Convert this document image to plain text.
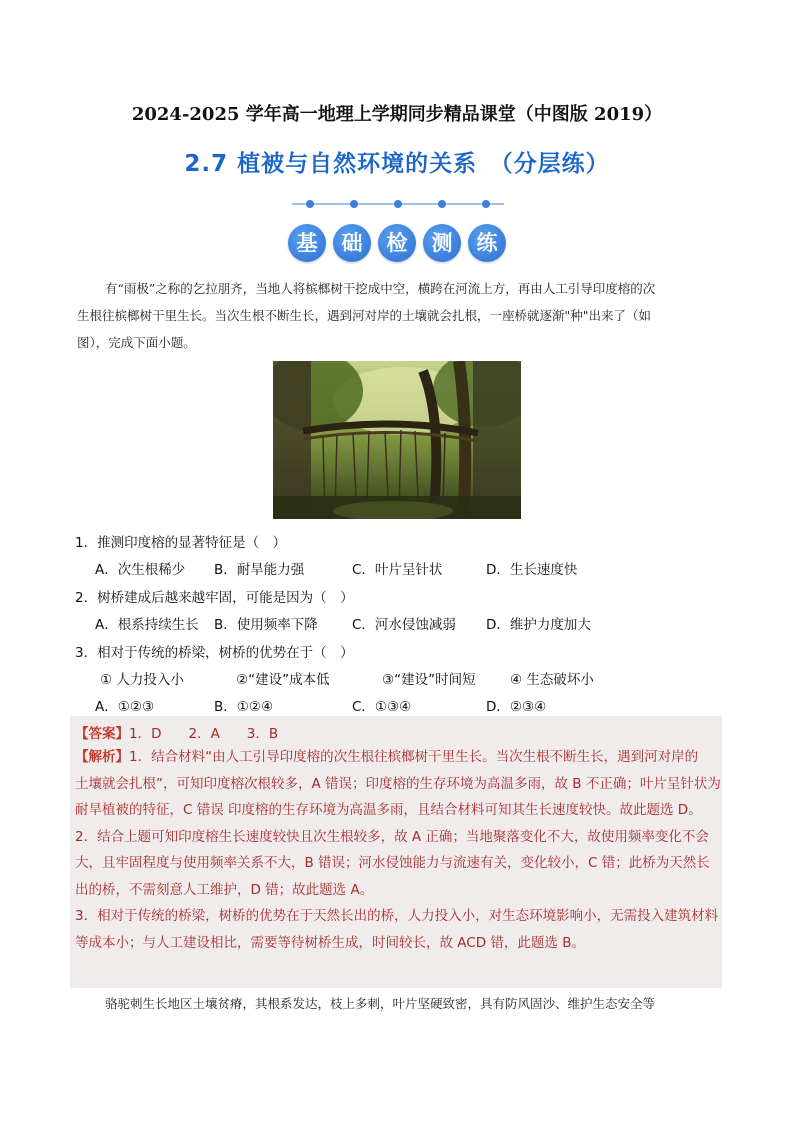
2024-2025 学年高一地理上学期同步精品课堂（中图版 2019）
2.7 植被与自然环境的关系　（分层练）
基	础	检	测	练
有“雨极”之称的乞拉朋齐，当地人将槟榔树干挖成中空，横跨在河流上方，再由人工引导印度榕的次
生根往槟榔树干里生长。当次生根不断生长，遇到河对岸的土壤就会扎根，一座桥就逐渐"种"出来了（如
图），完成下面小题。
1．推测印度榕的显著特征是（　）
A．次生根稀少 B．耐旱能力强	C．叶片呈针状	D．生长速度快
2．树桥建成后越来越牢固，可能是因为（　）
A．根系持续生长 B．使用频率下降	C．河水侵蚀减弱 D．维护力度加大
3．相对于传统的桥梁，树桥的优势在于（　）
① 人力投入小	②“建设”成本低	③“建设”时间短	④ 生态破坏小
A．①②③	B．①②④	C．①③④	D．②③④
【答案】1．D　　2．A　　3．B

【解析】1．结合材料“由人工引导印度榕的次生根往槟榔树干里生长。当次生根不断生长，遇到河对岸的

土壤就会扎根”，可知印度榕次根较多，A 错误；印度榕的生存环境为高温多雨，故 B 不正确；叶片呈针状为耐旱植被的特征，C 错误 印度榕的生存环境为高温多雨，且结合材料可知其生长速度较快。故此题选 D。

2．结合上题可知印度榕生长速度较快且次生根较多，故 A 正确；当地聚落变化不大，故使用频率变化不会大，且牢固程度与使用频率关系不大，B 错误；河水侵蚀能力与流速有关，变化较小，C 错；此桥为天然长出的桥，不需刻意人工维护，D 错；故此题选 A。

3．相对于传统的桥梁，树桥的优势在于天然长出的桥，人力投入小，对生态环境影响小，无需投入建筑材料等成本小；与人工建设相比，需要等待树桥生成，时间较长，故 ACD 错，此题选 B。

骆驼刺生长地区土壤贫瘠，其根系发达，枝上多刺，叶片坚硬致密，具有防风固沙、维护生态安全等
